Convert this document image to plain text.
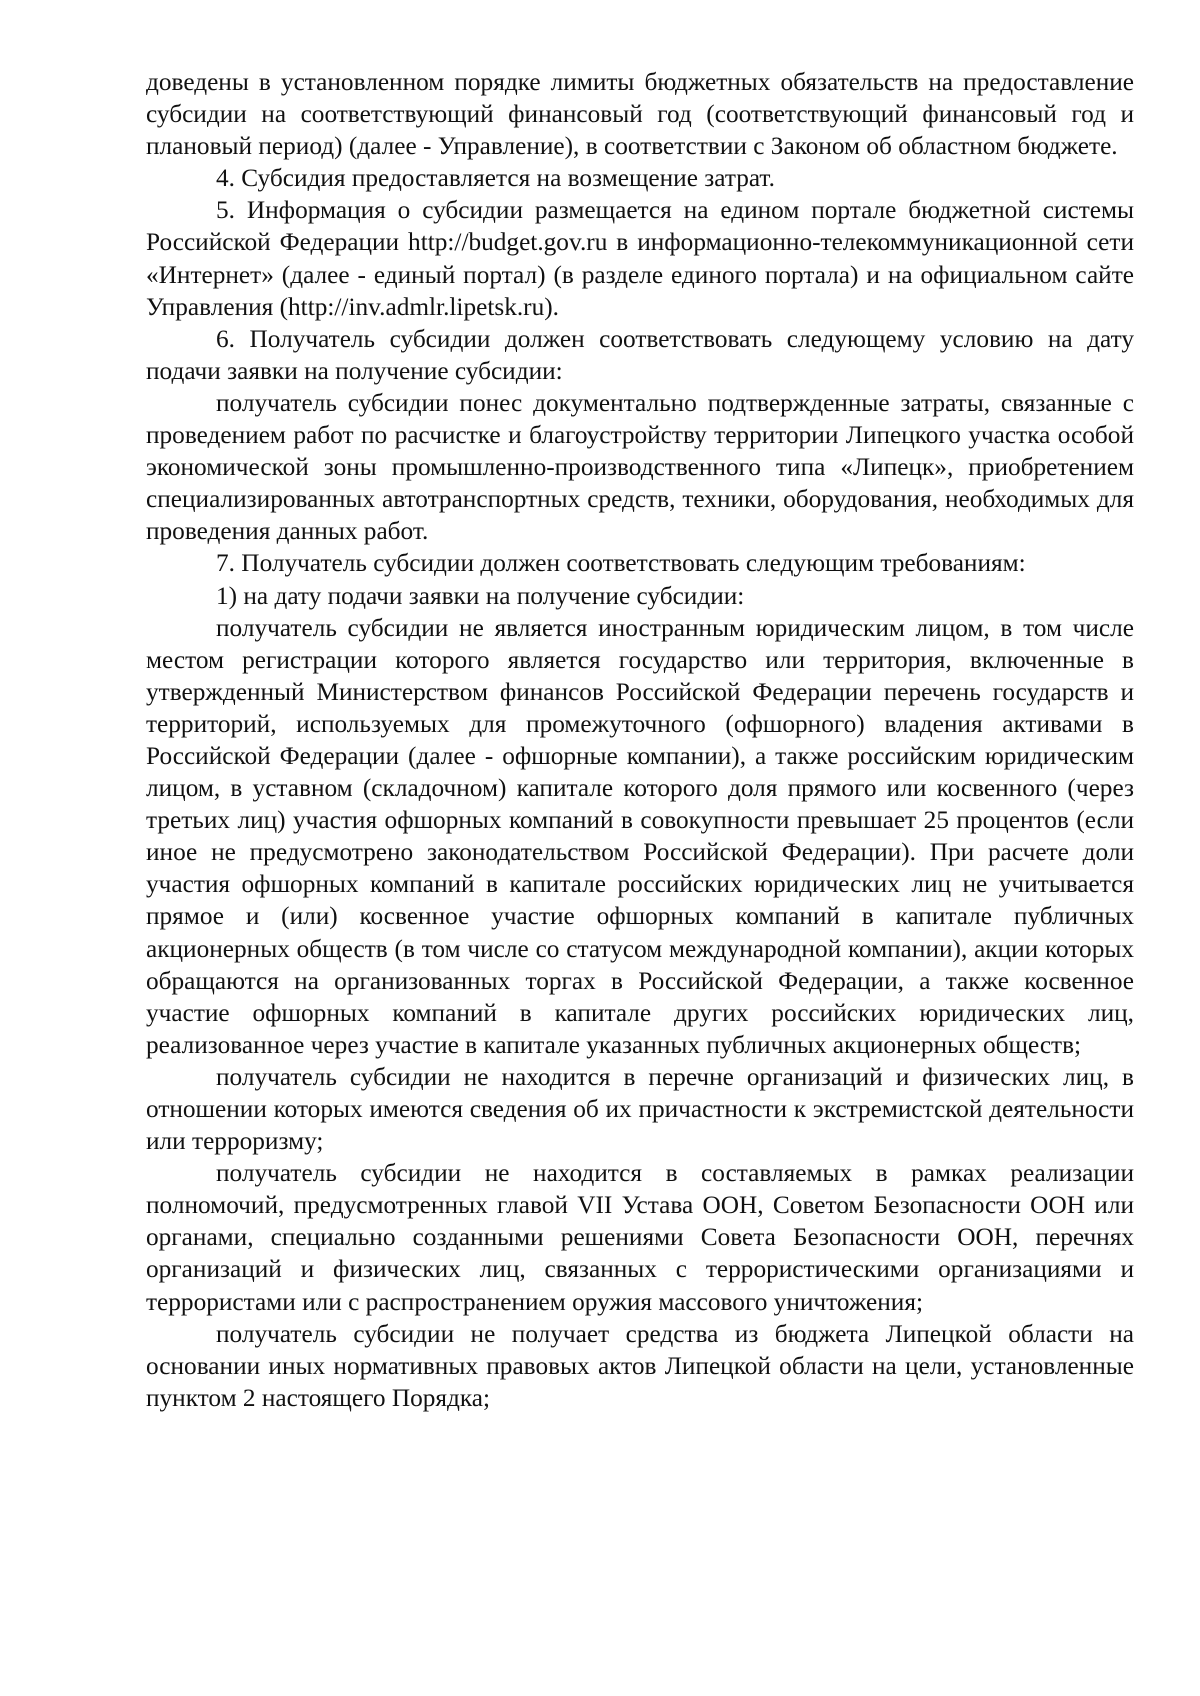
доведены в установленном порядке лимиты бюджетных обязательств на предоставление субсидии на соответствующий финансовый год (соответствующий финансовый год и плановый период) (далее - Управление), в соответствии с Законом об областном бюджете.

4. Субсидия предоставляется на возмещение затрат.

5. Информация о субсидии размещается на едином портале бюджетной системы Российской Федерации http://budget.gov.ru в информационно-телекоммуникационной сети «Интернет» (далее - единый портал) (в разделе единого портала) и на официальном сайте Управления (http://inv.admlr.lipetsk.ru).

6. Получатель субсидии должен соответствовать следующему условию на дату подачи заявки на получение субсидии:

получатель субсидии понес документально подтвержденные затраты, связанные с проведением работ по расчистке и благоустройству территории Липецкого участка особой экономической зоны промышленно-производственного типа «Липецк», приобретением специализированных автотранспортных средств, техники, оборудования, необходимых для проведения данных работ.

7. Получатель субсидии должен соответствовать следующим требованиям:

1) на дату подачи заявки на получение субсидии:

получатель субсидии не является иностранным юридическим лицом, в том числе местом регистрации которого является государство или территория, включенные в утвержденный Министерством финансов Российской Федерации перечень государств и территорий, используемых для промежуточного (офшорного) владения активами в Российской Федерации (далее - офшорные компании), а также российским юридическим лицом, в уставном (складочном) капитале которого доля прямого или косвенного (через третьих лиц) участия офшорных компаний в совокупности превышает 25 процентов (если иное не предусмотрено законодательством Российской Федерации). При расчете доли участия офшорных компаний в капитале российских юридических лиц не учитывается прямое и (или) косвенное участие офшорных компаний в капитале публичных акционерных обществ (в том числе со статусом международной компании), акции которых обращаются на организованных торгах в Российской Федерации, а также косвенное участие офшорных компаний в капитале других российских юридических лиц, реализованное через участие в капитале указанных публичных акционерных обществ;

получатель субсидии не находится в перечне организаций и физических лиц, в отношении которых имеются сведения об их причастности к экстремистской деятельности или терроризму;

получатель субсидии не находится в составляемых в рамках реализации полномочий, предусмотренных главой VII Устава ООН, Советом Безопасности ООН или органами, специально созданными решениями Совета Безопасности ООН, перечнях организаций и физических лиц, связанных с террористическими организациями и террористами или с распространением оружия массового уничтожения;

получатель субсидии не получает средства из бюджета Липецкой области на основании иных нормативных правовых актов Липецкой области на цели, установленные пунктом 2 настоящего Порядка;
